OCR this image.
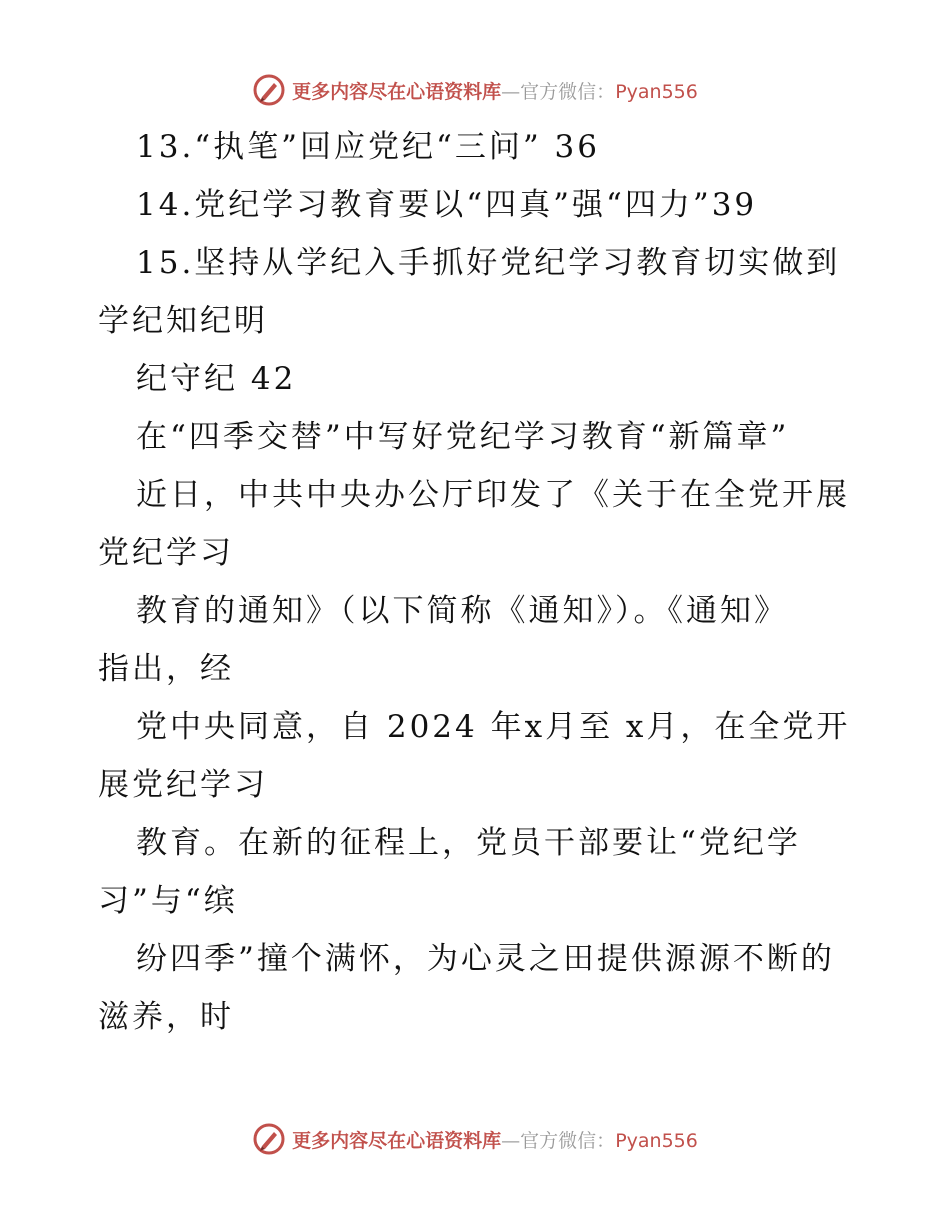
更多内容尽在心语资料库—官方微信：Pyan556
13.“执笔”回应党纪“三问” 36
14.党纪学习教育要以“四真”强“四力”39
15.坚持从学纪入手抓好党纪学习教育切实做到
学纪知纪明
纪守纪 42
在“四季交替”中写好党纪学习教育“新篇章”
近日，中共中央办公厅印发了《关于在全党开展
党纪学习
教育的通知》（以下简称《通知》）。《通知》
指出，经
党中央同意，自 2024 年x月至 x月，在全党开
展党纪学习
教育。在新的征程上，党员干部要让“党纪学
习”与“缤
纷四季”撞个满怀，为心灵之田提供源源不断的
滋养，时
更多内容尽在心语资料库—官方微信：Pyan556
